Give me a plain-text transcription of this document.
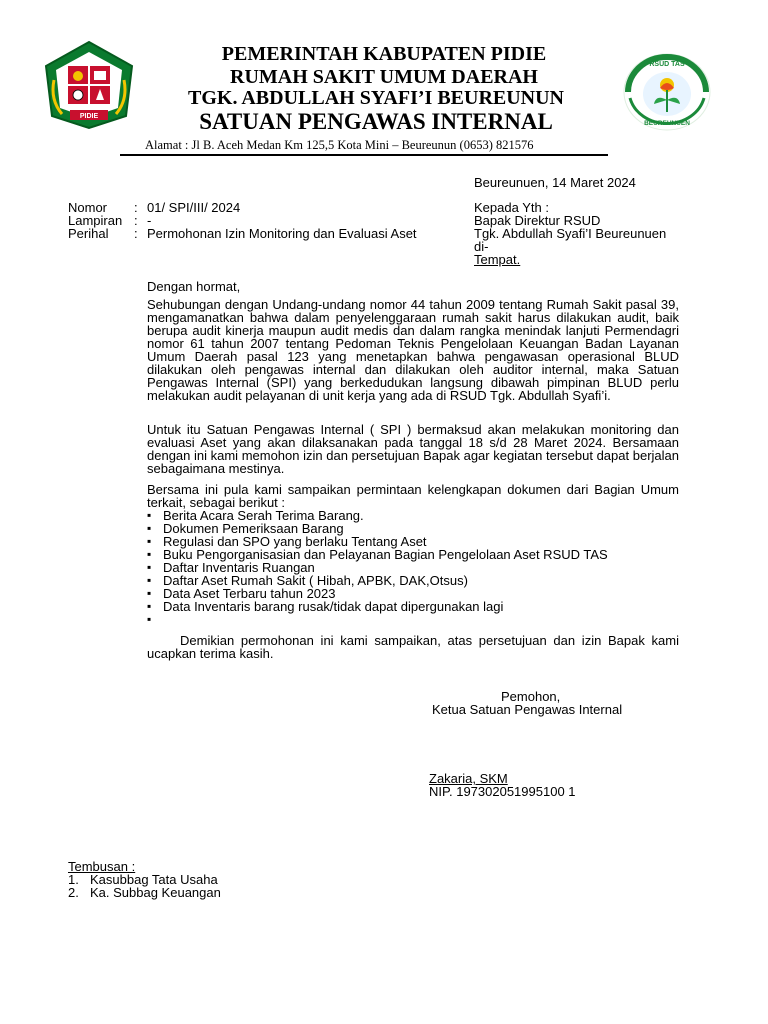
PIDIE
PEMERINTAH KABUPATEN PIDIE
RUMAH SAKIT UMUM DAERAH
TGK. ABDULLAH SYAFI’I BEUREUNUN
SATUAN PENGAWAS INTERNAL
RSUD TAS
BEUREUNUEN
Alamat : Jl B. Aceh Medan Km 125,5 Kota Mini – Beureunun (0653) 821576
Beureunuen, 14 Maret 2024
Nomor : 01/ SPI/III/ 2024
Lampiran : -
Perihal : Permohonan Izin Monitoring dan Evaluasi Aset
Kepada Yth :
Bapak Direktur RSUD
Tgk. Abdullah Syafi’I Beureunuen
di-
Tempat.
Dengan hormat,
Sehubungan dengan Undang-undang nomor 44 tahun 2009 tentang Rumah Sakit pasal 39, mengamanatkan bahwa dalam penyelenggaraan rumah sakit harus dilakukan audit, baik berupa audit kinerja maupun audit medis dan dalam rangka menindak lanjuti Permendagri nomor 61 tahun 2007 tentang Pedoman Teknis Pengelolaan Keuangan Badan Layanan Umum Daerah pasal 123 yang menetapkan bahwa pengawasan operasional BLUD dilakukan oleh pengawas internal dan dilakukan oleh auditor internal, maka Satuan Pengawas Internal (SPI) yang berkedudukan langsung dibawah pimpinan BLUD perlu melakukan audit pelayanan di unit kerja yang ada di RSUD Tgk. Abdullah Syafi’i.
Untuk itu Satuan Pengawas Internal ( SPI ) bermaksud akan melakukan monitoring dan evaluasi Aset yang akan dilaksanakan pada tanggal 18 s/d 28 Maret 2024. Bersamaan dengan ini kami memohon izin dan persetujuan Bapak agar kegiatan tersebut dapat berjalan sebagaimana mestinya.
Bersama ini pula kami sampaikan permintaan kelengkapan dokumen dari Bagian Umum terkait, sebagai berikut :
▪ Berita Acara Serah Terima Barang.
▪ Dokumen Pemeriksaan Barang
▪ Regulasi dan SPO yang berlaku Tentang Aset
▪ Buku Pengorganisasian dan Pelayanan Bagian Pengelolaan Aset RSUD TAS
▪ Daftar Inventaris Ruangan
▪ Daftar Aset Rumah Sakit ( Hibah, APBK, DAK,Otsus)
▪ Data Aset Terbaru tahun 2023
▪ Data Inventaris barang rusak/tidak dapat dipergunakan lagi
▪
Demikian permohonan ini kami sampaikan, atas persetujuan dan izin Bapak kami ucapkan terima kasih.
Pemohon,
Ketua Satuan Pengawas Internal
Zakaria, SKM
NIP. 197302051995100 1
Tembusan :
1. Kasubbag Tata Usaha
2. Ka. Subbag Keuangan
